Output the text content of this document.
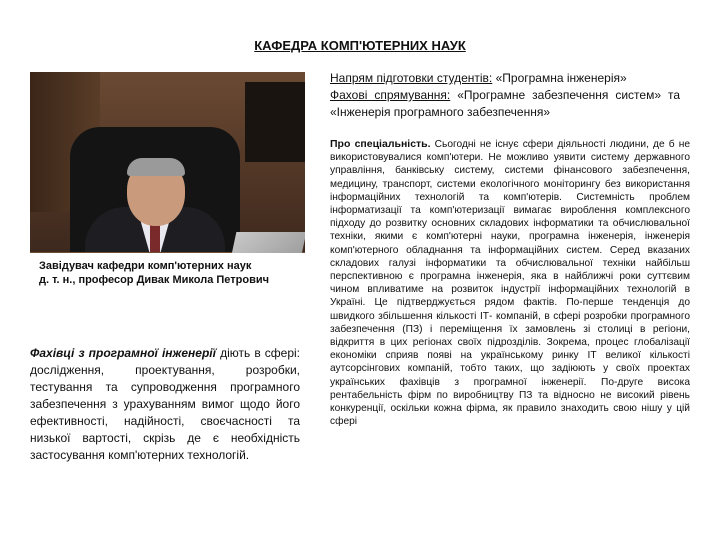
КАФЕДРА КОМП'ЮТЕРНИХ НАУК
Завідувач кафедри комп'ютерних наук
д. т. н., професор Дивак Микола Петрович
Фахівці з програмної інженерії діють в сфері: дослідження, проектування, розробки, тестування та супроводження програмного забезпечення з урахуванням вимог щодо його ефективності, надійності, своєчасності та низької вартості, скрізь де є необхідність застосування комп'ютерних технологій.
Напрям підготовки студентів: «Програмна інженерія»
Фахові спрямування: «Програмне забезпечення систем» та «Інженерія програмного забезпечення»
Про спеціальність. Сьогодні не існує сфери діяльності людини, де б не використовувалися комп'ютери. Не можливо уявити систему державного управління, банківську систему, системи фінансового забезпечення, медицину, транспорт, системи екологічного моніторингу без використання інформаційних технологій та комп'ютерів. Системність проблем інформатизації та комп'ютеризації вимагає вироблення комплексного підходу до розвитку основних складових інформатики та обчислювальної техніки, якими є комп'ютерні науки, програмна інженерія, інженерія комп'ютерного обладнання та інформаційних систем. Серед вказаних складових галузі інформатики та обчислювальної техніки найбільш перспективною є програмна інженерія, яка в найближчі роки суттєвим чином впливатиме на розвиток індустрії інформаційних технологій в Україні. Це підтверджується рядом фактів. По-перше тенденція до швидкого збільшення кількості ІТ- компаній, в сфері розробки програмного забезпечення (ПЗ) і переміщення їх замовлень зі столиці в регіони, відкриття в цих регіонах своїх підрозділів. Зокрема, процес глобалізації економіки сприяв появі на українському ринку ІТ великої кількості аутсорсінгових компаній, тобто таких, що задіюють у своїх проектах українських фахівців з програмної інженерії. По-друге висока рентабельність фірм по виробництву ПЗ та відносно не високий рівень конкуренції, оскільки кожна фірма, як правило знаходить свою нішу у цій сфері
